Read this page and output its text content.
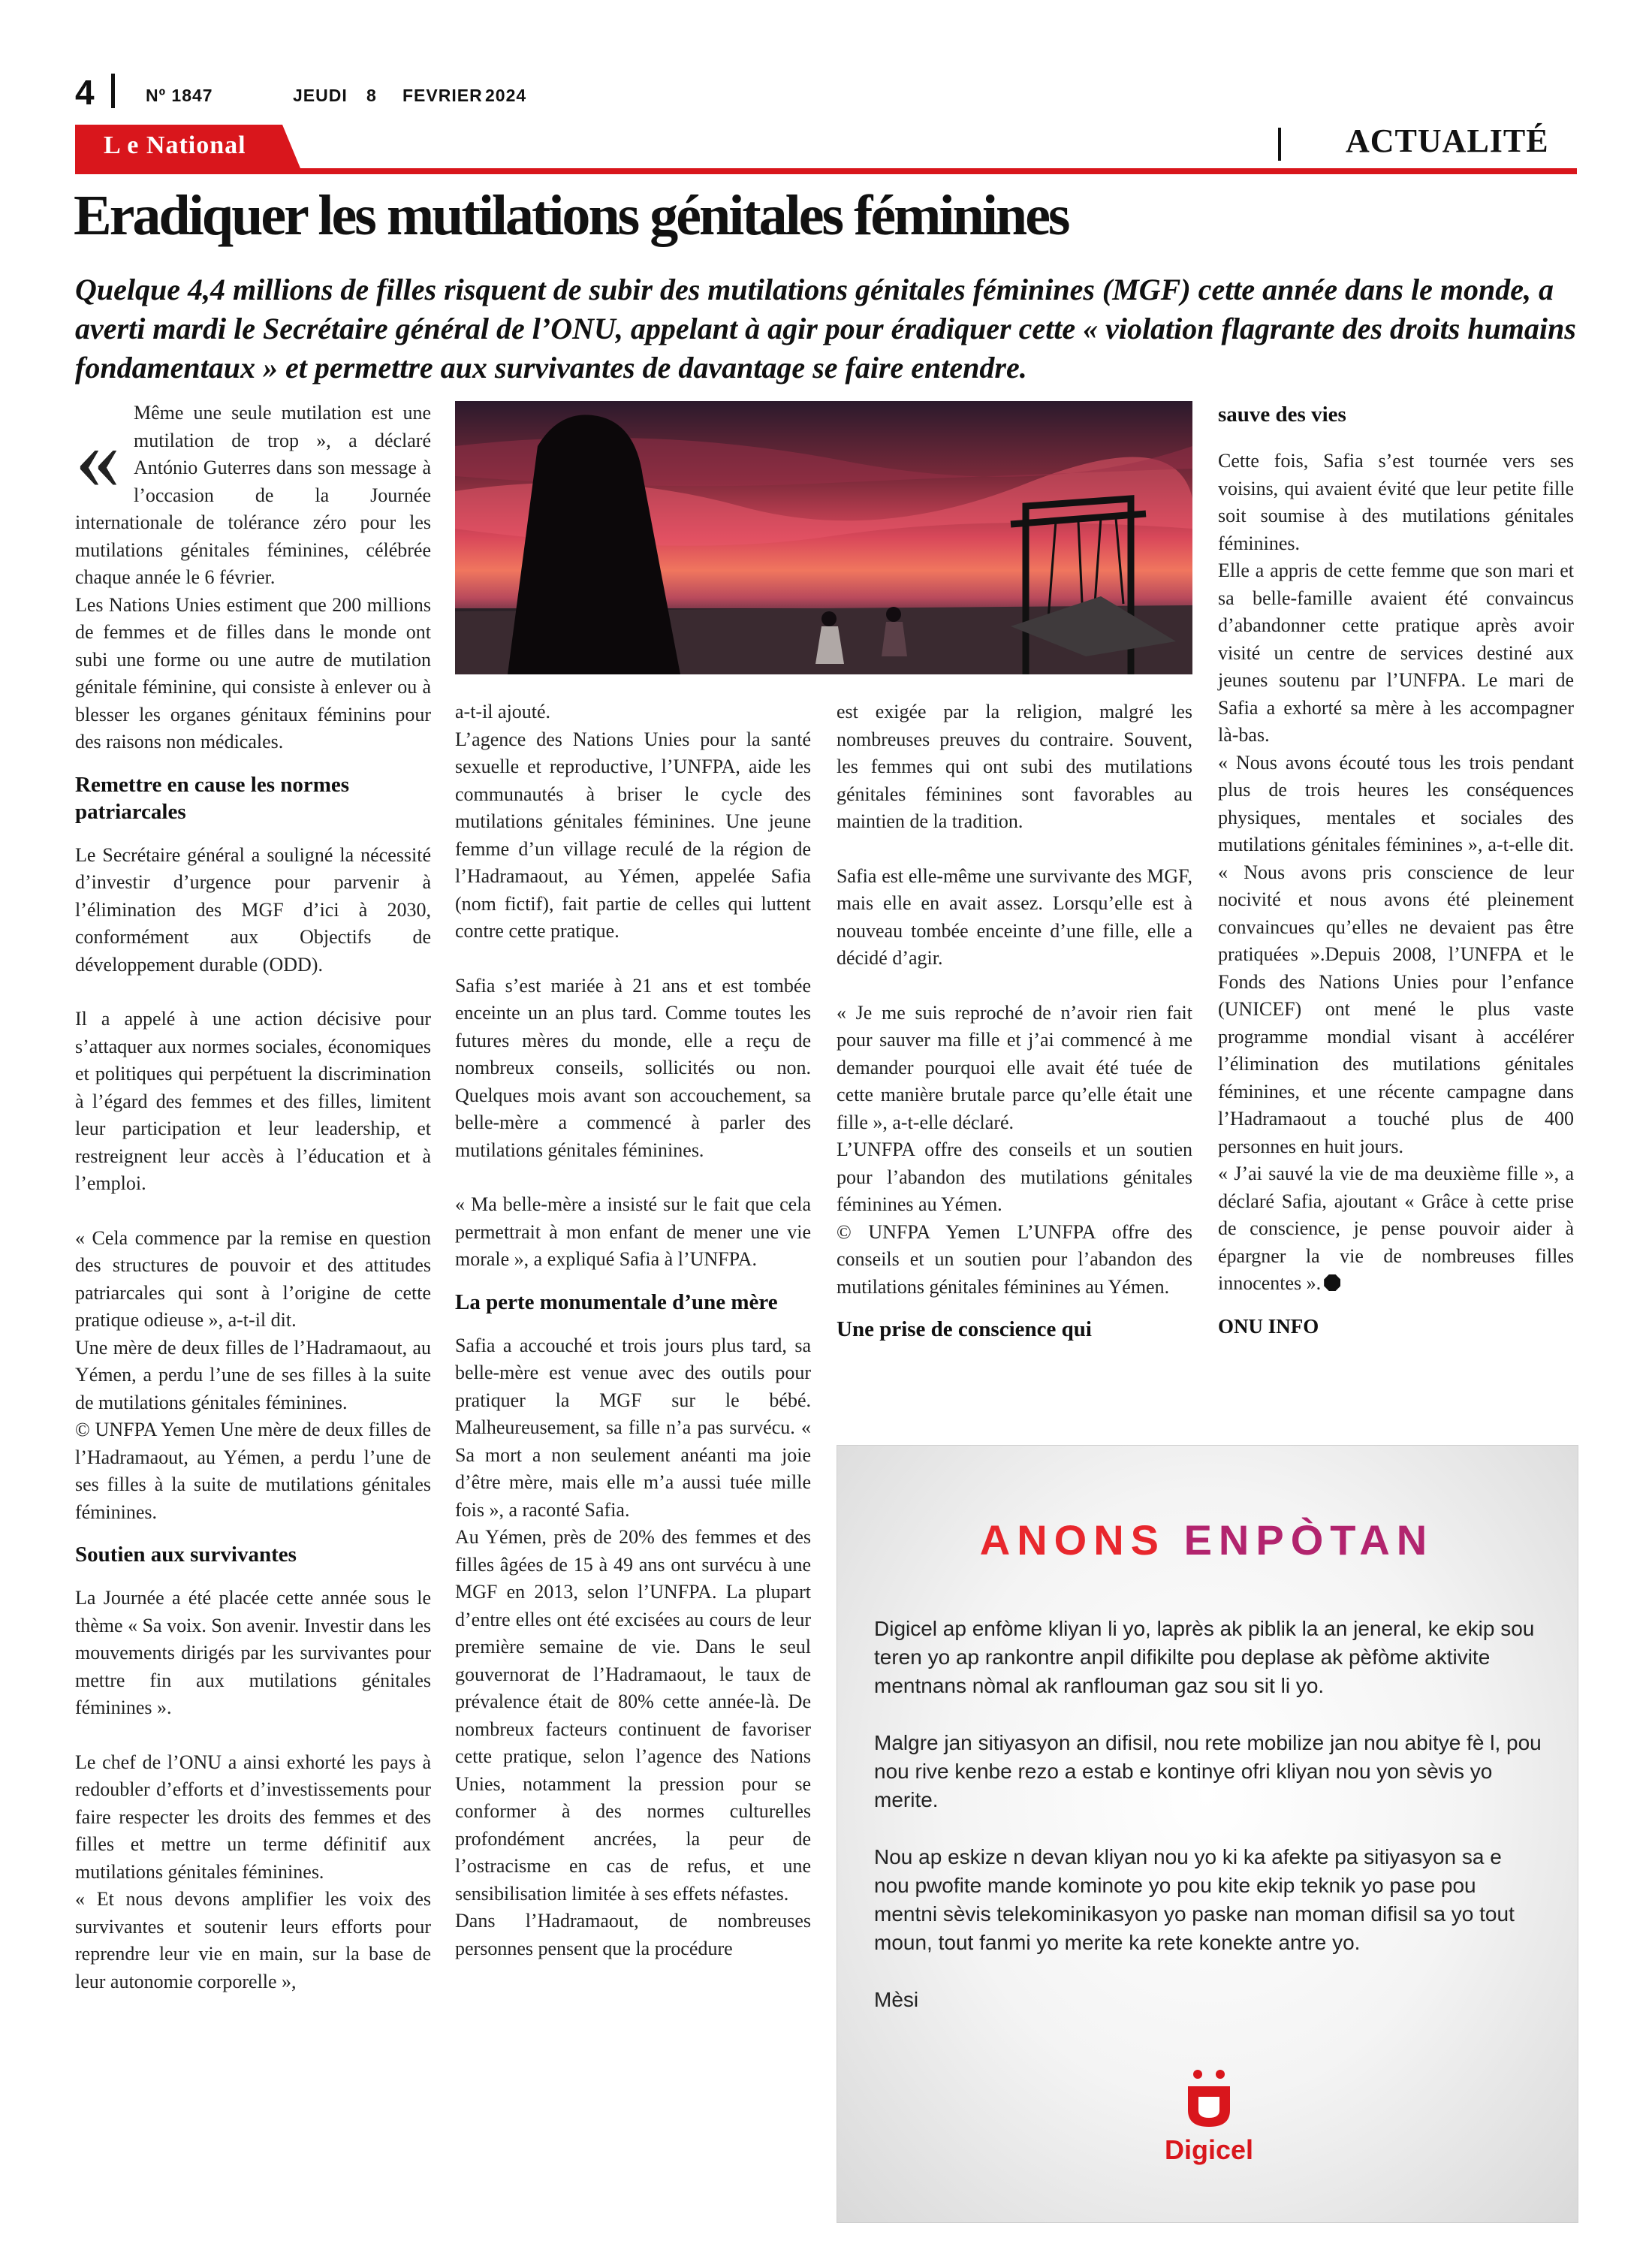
4	Nº 1847	JEUDI 8 FEVRIER 2024
L e National	ACTUALITÉ
Eradiquer les mutilations génitales féminines
Quelque 4,4 millions de filles risquent de subir des mutilations génitales féminines (MGF) cette année dans le monde, a averti mardi le Secrétaire général de l’ONU, appelant à agir pour éradiquer cette « violation flagrante des droits humains fondamentaux » et permettre aux survivantes de davantage se faire entendre.
« Même une seule mutilation est une mutilation de trop », a déclaré António Guterres dans son message à l’occasion de la Journée internationale de tolérance zéro pour les mutilations génitales féminines, célébrée chaque année le 6 février.

Les Nations Unies estiment que 200 millions de femmes et de filles dans le monde ont subi une forme ou une autre de mutilation génitale féminine, qui consiste à enlever ou à blesser les organes génitaux féminins pour des raisons non médicales.

Remettre en cause les normes patriarcales

Le Secrétaire général a souligné la nécessité d’investir d’urgence pour parvenir à l’élimination des MGF d’ici à 2030, conformément aux Objectifs de développement durable (ODD).

Il a appelé à une action décisive pour s’attaquer aux normes sociales, économiques et politiques qui perpétuent la discrimination à l’égard des femmes et des filles, limitent leur participation et leur leadership, et restreignent leur accès à l’éducation et à l’emploi.

« Cela commence par la remise en question des structures de pouvoir et des attitudes patriarcales qui sont à l’origine de cette pratique odieuse », a-t-il dit.

Une mère de deux filles de l’Hadramaout, au Yémen, a perdu l’une de ses filles à la suite de mutilations génitales féminines.

© UNFPA Yemen Une mère de deux filles de l’Hadramaout, au Yémen, a perdu l’une de ses filles à la suite de mutilations génitales féminines.

Soutien aux survivantes

La Journée a été placée cette année sous le thème « Sa voix. Son avenir. Investir dans les mouvements dirigés par les survivantes pour mettre fin aux mutilations génitales féminines ».

Le chef de l’ONU a ainsi exhorté les pays à redoubler d’efforts et d’investissements pour faire respecter les droits des femmes et des filles et mettre un terme définitif aux mutilations génitales féminines.

« Et nous devons amplifier les voix des survivantes et soutenir leurs efforts pour reprendre leur vie en main, sur la base de leur autonomie corporelle »,

a-t-il ajouté.

L’agence des Nations Unies pour la santé sexuelle et reproductive, l’UNFPA, aide les communautés à briser le cycle des mutilations génitales féminines. Une jeune femme d’un village reculé de la région de l’Hadramaout, au Yémen, appelée Safia (nom fictif), fait partie de celles qui luttent contre cette pratique.

Safia s’est mariée à 21 ans et est tombée enceinte un an plus tard. Comme toutes les futures mères du monde, elle a reçu de nombreux conseils, sollicités ou non. Quelques mois avant son accouchement, sa belle-mère a commencé à parler des mutilations génitales féminines.

« Ma belle-mère a insisté sur le fait que cela permettrait à mon enfant de mener une vie morale », a expliqué Safia à l’UNFPA.

La perte monumentale d’une mère

Safia a accouché et trois jours plus tard, sa belle-mère est venue avec des outils pour pratiquer la MGF sur le bébé. Malheureusement, sa fille n’a pas survécu. « Sa mort a non seulement anéanti ma joie d’être mère, mais elle m’a aussi tuée mille fois », a raconté Safia.

Au Yémen, près de 20% des femmes et des filles âgées de 15 à 49 ans ont survécu à une MGF en 2013, selon l’UNFPA. La plupart d’entre elles ont été excisées au cours de leur première semaine de vie. Dans le seul gouvernorat de l’Hadramaout, le taux de prévalence était de 80% cette année-là. De nombreux facteurs continuent de favoriser cette pratique, selon l’agence des Nations Unies, notamment la pression pour se conformer à des normes culturelles profondément ancrées, la peur de l’ostracisme en cas de refus, et une sensibilisation limitée à ses effets néfastes.

Dans l’Hadramaout, de nombreuses personnes pensent que la procédure

est exigée par la religion, malgré les nombreuses preuves du contraire. Souvent, les femmes qui ont subi des mutilations génitales féminines sont favorables au maintien de la tradition.

Safia est elle-même une survivante des MGF, mais elle en avait assez. Lorsqu’elle est à nouveau tombée enceinte d’une fille, elle a décidé d’agir.

« Je me suis reproché de n’avoir rien fait pour sauver ma fille et j’ai commencé à me demander pourquoi elle avait été tuée de cette manière brutale parce qu’elle était une fille », a-t-elle déclaré.

L’UNFPA offre des conseils et un soutien pour l’abandon des mutilations génitales féminines au Yémen.

© UNFPA Yemen L’UNFPA offre des conseils et un soutien pour l’abandon des mutilations génitales féminines au Yémen.

Une prise de conscience qui
sauve des vies

Cette fois, Safia s’est tournée vers ses voisins, qui avaient évité que leur petite fille soit soumise à des mutilations génitales féminines.

Elle a appris de cette femme que son mari et sa belle-famille avaient été convaincus d’abandonner cette pratique après avoir visité un centre de services destiné aux jeunes soutenu par l’UNFPA. Le mari de Safia a exhorté sa mère à les accompagner là-bas.

« Nous avons écouté tous les trois pendant plus de trois heures les conséquences physiques, mentales et sociales des mutilations génitales féminines », a-t-elle dit. « Nous avons pris conscience de leur nocivité et nous avons été pleinement convaincues qu’elles ne devaient pas être pratiquées ».Depuis 2008, l’UNFPA et le Fonds des Nations Unies pour l’enfance (UNICEF) ont mené le plus vaste programme mondial visant à accélérer l’élimination des mutilations génitales féminines, et une récente campagne dans l’Hadramaout a touché plus de 400 personnes en huit jours.

« J’ai sauvé la vie de ma deuxième fille », a déclaré Safia, ajoutant « Grâce à cette prise de conscience, je pense pouvoir aider à épargner la vie de nombreuses filles innocentes ».

ONU INFO
ANONS ENPÒTAN

Digicel ap enfòme kliyan li yo, laprès ak piblik la an jeneral, ke ekip sou teren yo ap rankontre anpil difikilte pou deplase ak pèfòme aktivite mentnans nòmal ak ranflouman gaz sou sit li yo.

Malgre jan sitiyasyon an difisil, nou rete mobilize jan nou abitye fè l, pou nou rive kenbe rezo a estab e kontinye ofri kliyan nou yon sèvis yo merite.

Nou ap eskize n devan kliyan nou yo ki ka afekte pa sitiyasyon sa e nou pwofite mande kominote yo pou kite ekip teknik yo pase pou mentni sèvis telekominikasyon yo paske nan moman difisil sa yo tout moun, tout fanmi yo merite ka rete konekte antre yo.

Mèsi

Digicel
